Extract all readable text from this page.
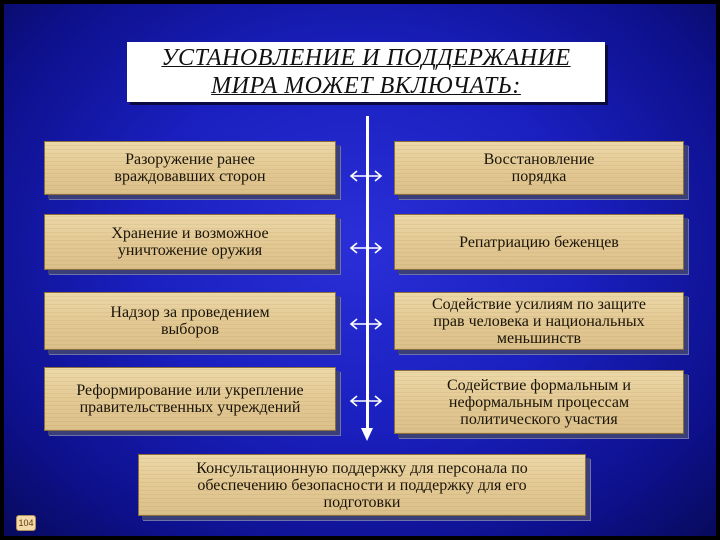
УСТАНОВЛЕНИЕ И ПОДДЕРЖАНИЕ
МИРА МОЖЕТ ВКЛЮЧАТЬ:
Разоружение ранее
враждовавших сторон
Хранение и возможное
уничтожение оружия
Надзор за проведением
выборов
Реформирование или укрепление
правительственных учреждений
Восстановление
порядка
Репатриацию беженцев
Содействие усилиям по защите
прав человека и национальных
меньшинств
Содействие формальным и
неформальным процессам
политического участия
Консультационную поддержку для персонала по
обеспечению безопасности и поддержку для его
подготовки
104
